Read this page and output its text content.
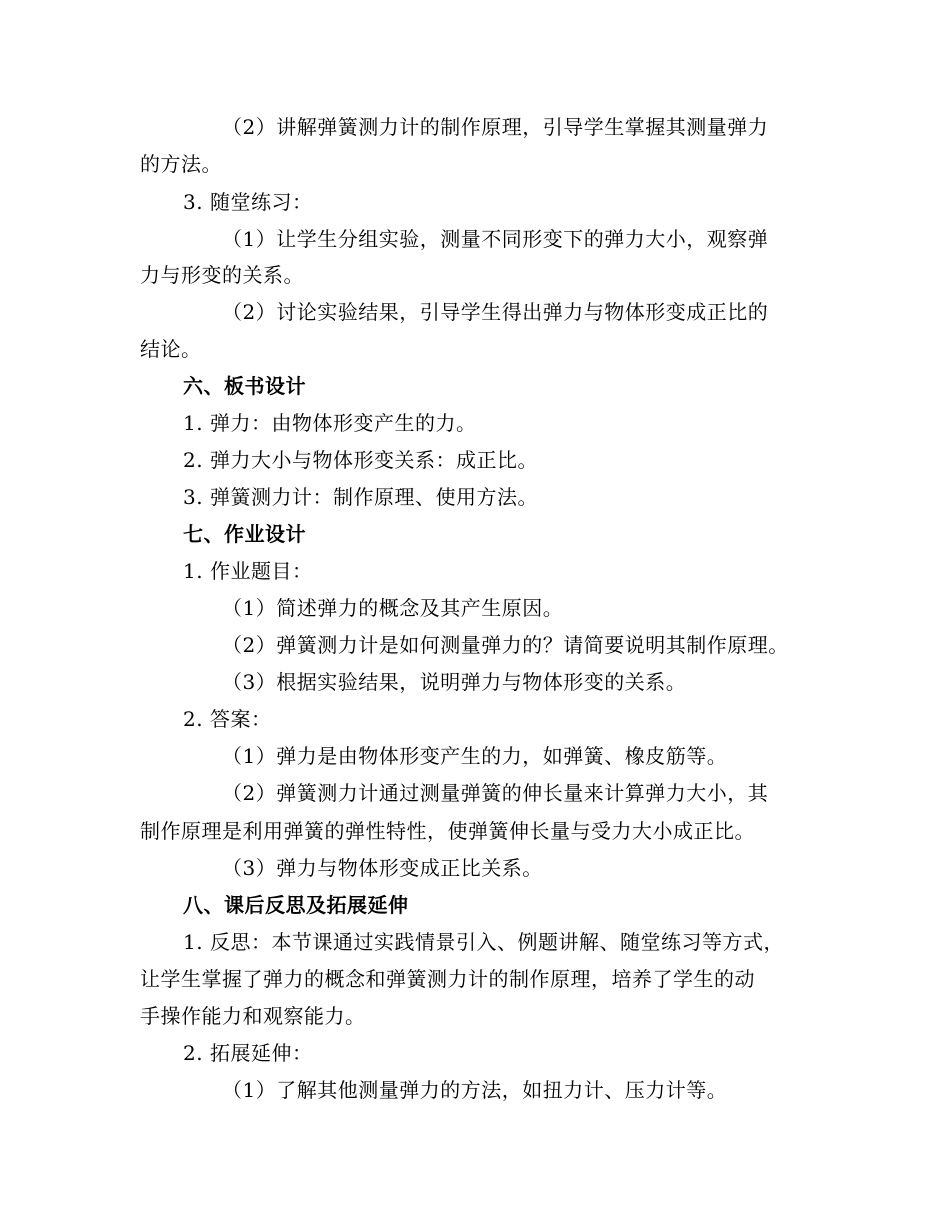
（2）讲解弹簧测力计的制作原理，引导学生掌握其测量弹力
的方法。
3. 随堂练习：
（1）让学生分组实验，测量不同形变下的弹力大小，观察弹
力与形变的关系。
（2）讨论实验结果，引导学生得出弹力与物体形变成正比的
结论。
六、板书设计
1. 弹力：由物体形变产生的力。
2. 弹力大小与物体形变关系：成正比。
3. 弹簧测力计：制作原理、使用方法。
七、作业设计
1. 作业题目：
（1）简述弹力的概念及其产生原因。
（2）弹簧测力计是如何测量弹力的？请简要说明其制作原理。
（3）根据实验结果，说明弹力与物体形变的关系。
2. 答案：
（1）弹力是由物体形变产生的力，如弹簧、橡皮筋等。
（2）弹簧测力计通过测量弹簧的伸长量来计算弹力大小，其
制作原理是利用弹簧的弹性特性，使弹簧伸长量与受力大小成正比。
（3）弹力与物体形变成正比关系。
八、课后反思及拓展延伸
1. 反思：本节课通过实践情景引入、例题讲解、随堂练习等方式，
让学生掌握了弹力的概念和弹簧测力计的制作原理，培养了学生的动
手操作能力和观察能力。
2. 拓展延伸：
（1）了解其他测量弹力的方法，如扭力计、压力计等。
